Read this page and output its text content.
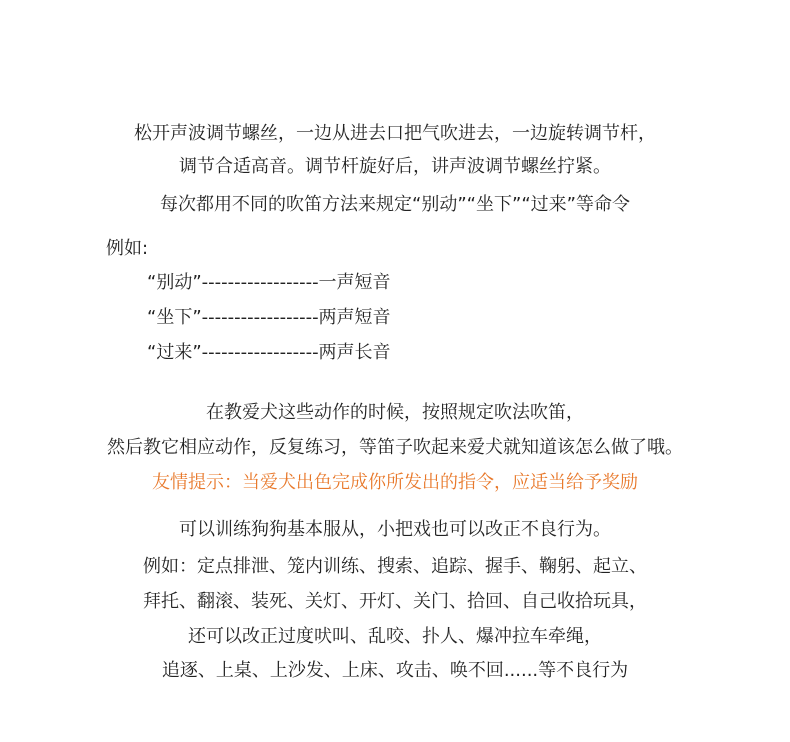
松开声波调节螺丝，一边从进去口把气吹进去，一边旋转调节杆，
调节合适高音。调节杆旋好后，讲声波调节螺丝拧紧。
每次都用不同的吹笛方法来规定“别动”“坐下”“过来”等命令
例如:
“别动”------------------一声短音
“坐下”------------------两声短音
“过来”------------------两声长音
在教爱犬这些动作的时候，按照规定吹法吹笛，
然后教它相应动作，反复练习，等笛子吹起来爱犬就知道该怎么做了哦。
友情提示：当爱犬出色完成你所发出的指令，应适当给予奖励
可以训练狗狗基本服从，小把戏也可以改正不良行为。
例如：定点排泄、笼内训练、搜索、追踪、握手、鞠躬、起立、
拜托、翻滚、装死、关灯、开灯、关门、拾回、自己收拾玩具，
还可以改正过度吠叫、乱咬、扑人、爆冲拉车牵绳，
追逐、上桌、上沙发、上床、攻击、唤不回......等不良行为
